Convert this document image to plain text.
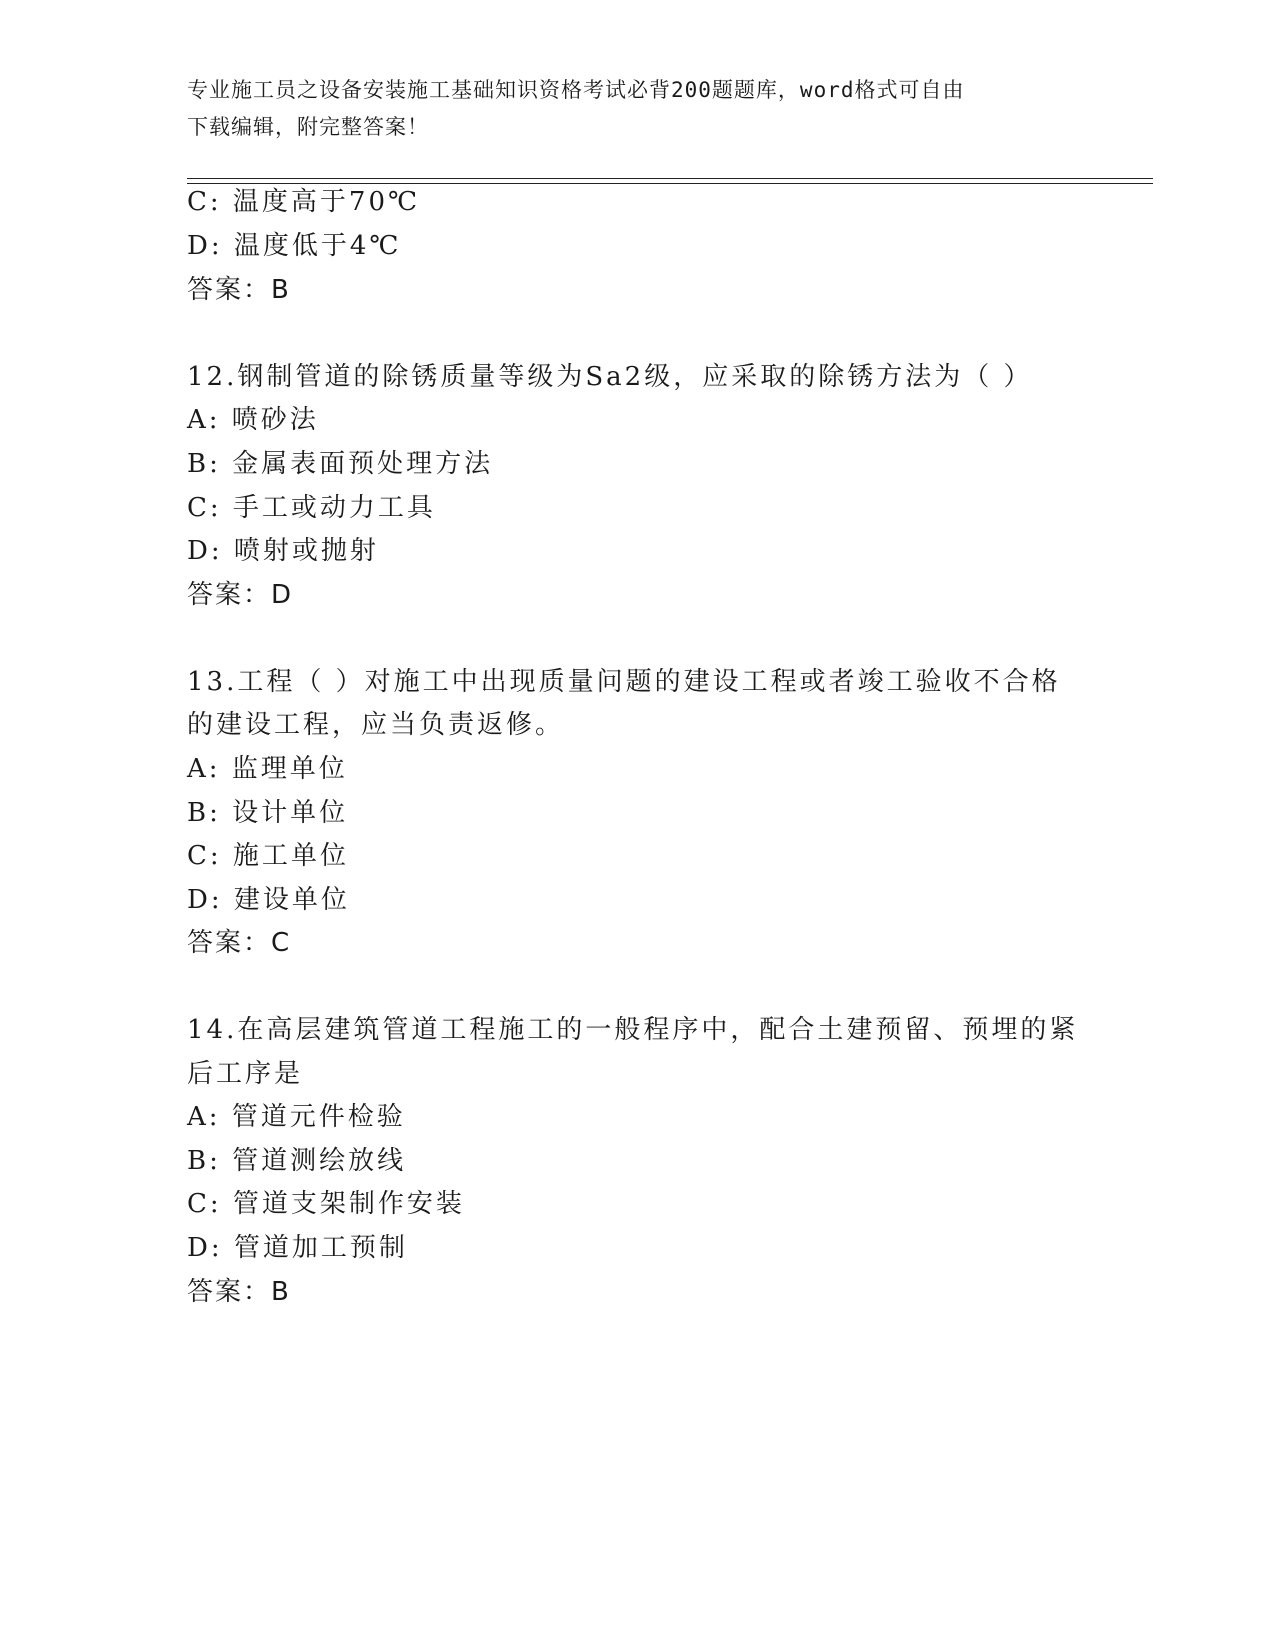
专业施工员之设备安装施工基础知识资格考试必背200题题库，word格式可自由
下载编辑，附完整答案！
C: 温度高于70℃
D: 温度低于4℃
答案：B
12.钢制管道的除锈质量等级为Sa2级，应采取的除锈方法为（ ）
A: 喷砂法
B: 金属表面预处理方法
C: 手工或动力工具
D: 喷射或抛射
答案：D
13.工程（ ）对施工中出现质量问题的建设工程或者竣工验收不合格
的建设工程，应当负责返修。
A: 监理单位
B: 设计单位
C: 施工单位
D: 建设单位
答案：C
14.在高层建筑管道工程施工的一般程序中，配合土建预留、预埋的紧
后工序是
A: 管道元件检验
B: 管道测绘放线
C: 管道支架制作安装
D: 管道加工预制
答案：B
